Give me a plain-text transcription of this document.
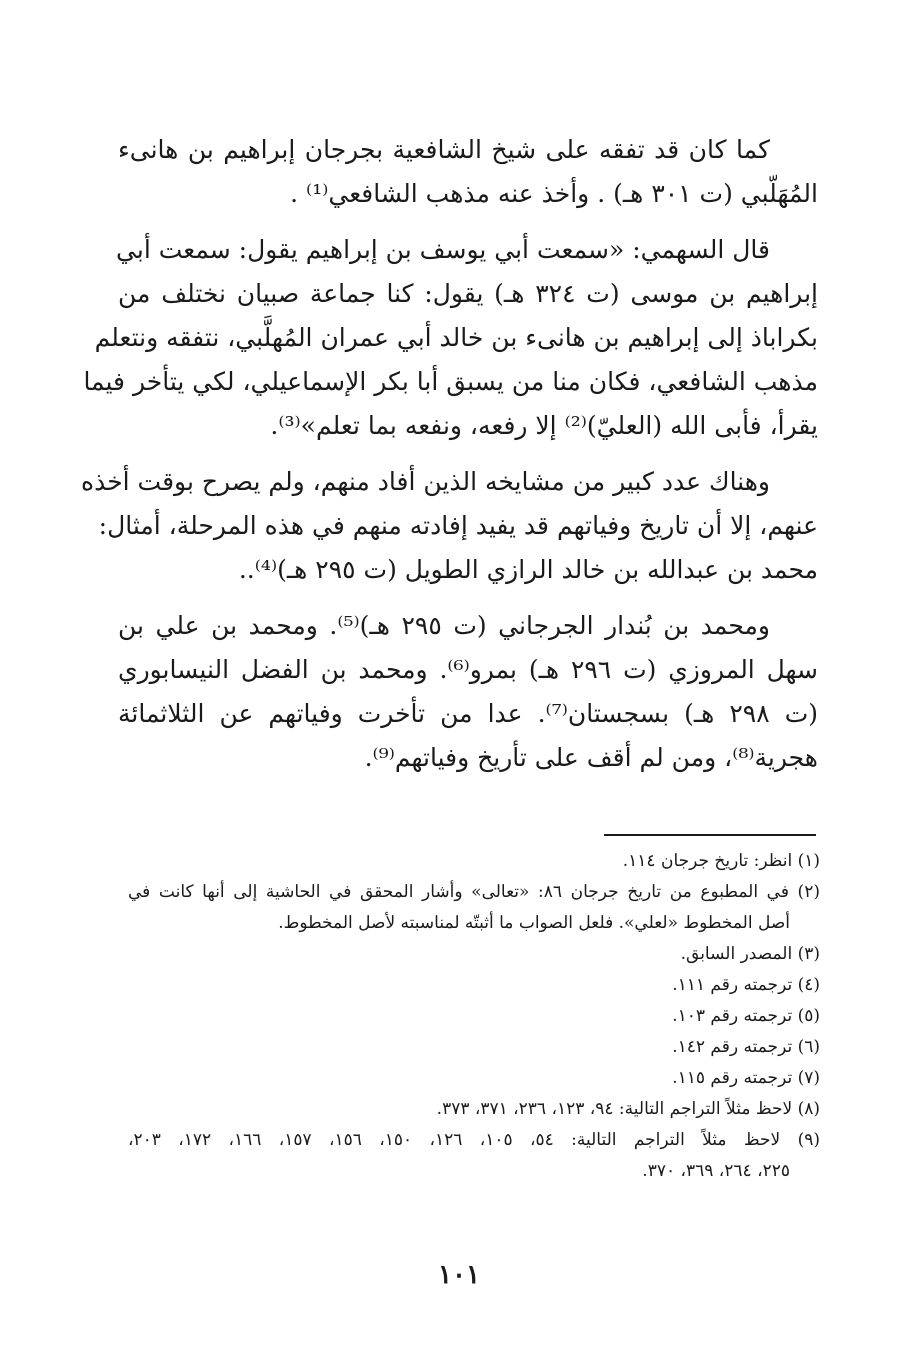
كما كان قد تفقه على شيخ الشافعية بجرجان إبراهيم بن هانىء
المُهَلّبي (ت ٣٠١ هـ) . وأخذ عنه مذهب الشافعي⁽¹⁾ .
قال السهمي: «سمعت أبي يوسف بن إبراهيم يقول: سمعت أبي
إبراهيم بن موسى (ت ٣٢٤ هـ) يقول: كنا جماعة صبيان نختلف من
بكراباذ إلى إبراهيم بن هانىء بن خالد أبي عمران المُهلَّبي، نتفقه ونتعلم
مذهب الشافعي، فكان منا من يسبق أبا بكر الإسماعيلي، لكي يتأخر فيما
يقرأ، فأبى الله (العليّ)⁽²⁾ إلا رفعه، ونفعه بما تعلم»⁽³⁾.
وهناك عدد كبير من مشايخه الذين أفاد منهم، ولم يصرح بوقت أخذه
عنهم، إلا أن تاريخ وفياتهم قد يفيد إفادته منهم في هذه المرحلة، أمثال:
محمد بن عبدالله بن خالد الرازي الطويل (ت ٢٩٥ هـ)⁽⁴⁾..
ومحمد بن بُندار الجرجاني (ت ٢٩٥ هـ)⁽⁵⁾. ومحمد بن علي بن
سهل المروزي (ت ٢٩٦ هـ) بمرو⁽⁶⁾. ومحمد بن الفضل النيسابوري
(ت ٢٩٨ هـ) بسجستان⁽⁷⁾. عدا من تأخرت وفياتهم عن الثلاثمائة
هجرية⁽⁸⁾، ومن لم أقف على تأريخ وفياتهم⁽⁹⁾.
(١) انظر: تاريخ جرجان ١١٤.
(٢) في المطبوع من تاريخ جرجان ٨٦: «تعالى» وأشار المحقق في الحاشية إلى أنها كانت في
أصل المخطوط «لعلي». فلعل الصواب ما أثبتّه لمناسبته لأصل المخطوط.
(٣) المصدر السابق.
(٤) ترجمته رقم ١١١.
(٥) ترجمته رقم ١٠٣.
(٦) ترجمته رقم ١٤٢.
(٧) ترجمته رقم ١١٥.
(٨) لاحظ مثلاً التراجم التالية: ٩٤، ١٢٣، ٢٣٦، ٣٧١، ٣٧٣.
(٩) لاحظ مثلاً التراجم التالية: ٥٤، ١٠٥، ١٢٦، ١٥٠، ١٥٦، ١٥٧، ١٦٦، ١٧٢، ٢٠٣،
٢٢٥، ٢٦٤، ٣٦٩، ٣٧٠.
١٠١
